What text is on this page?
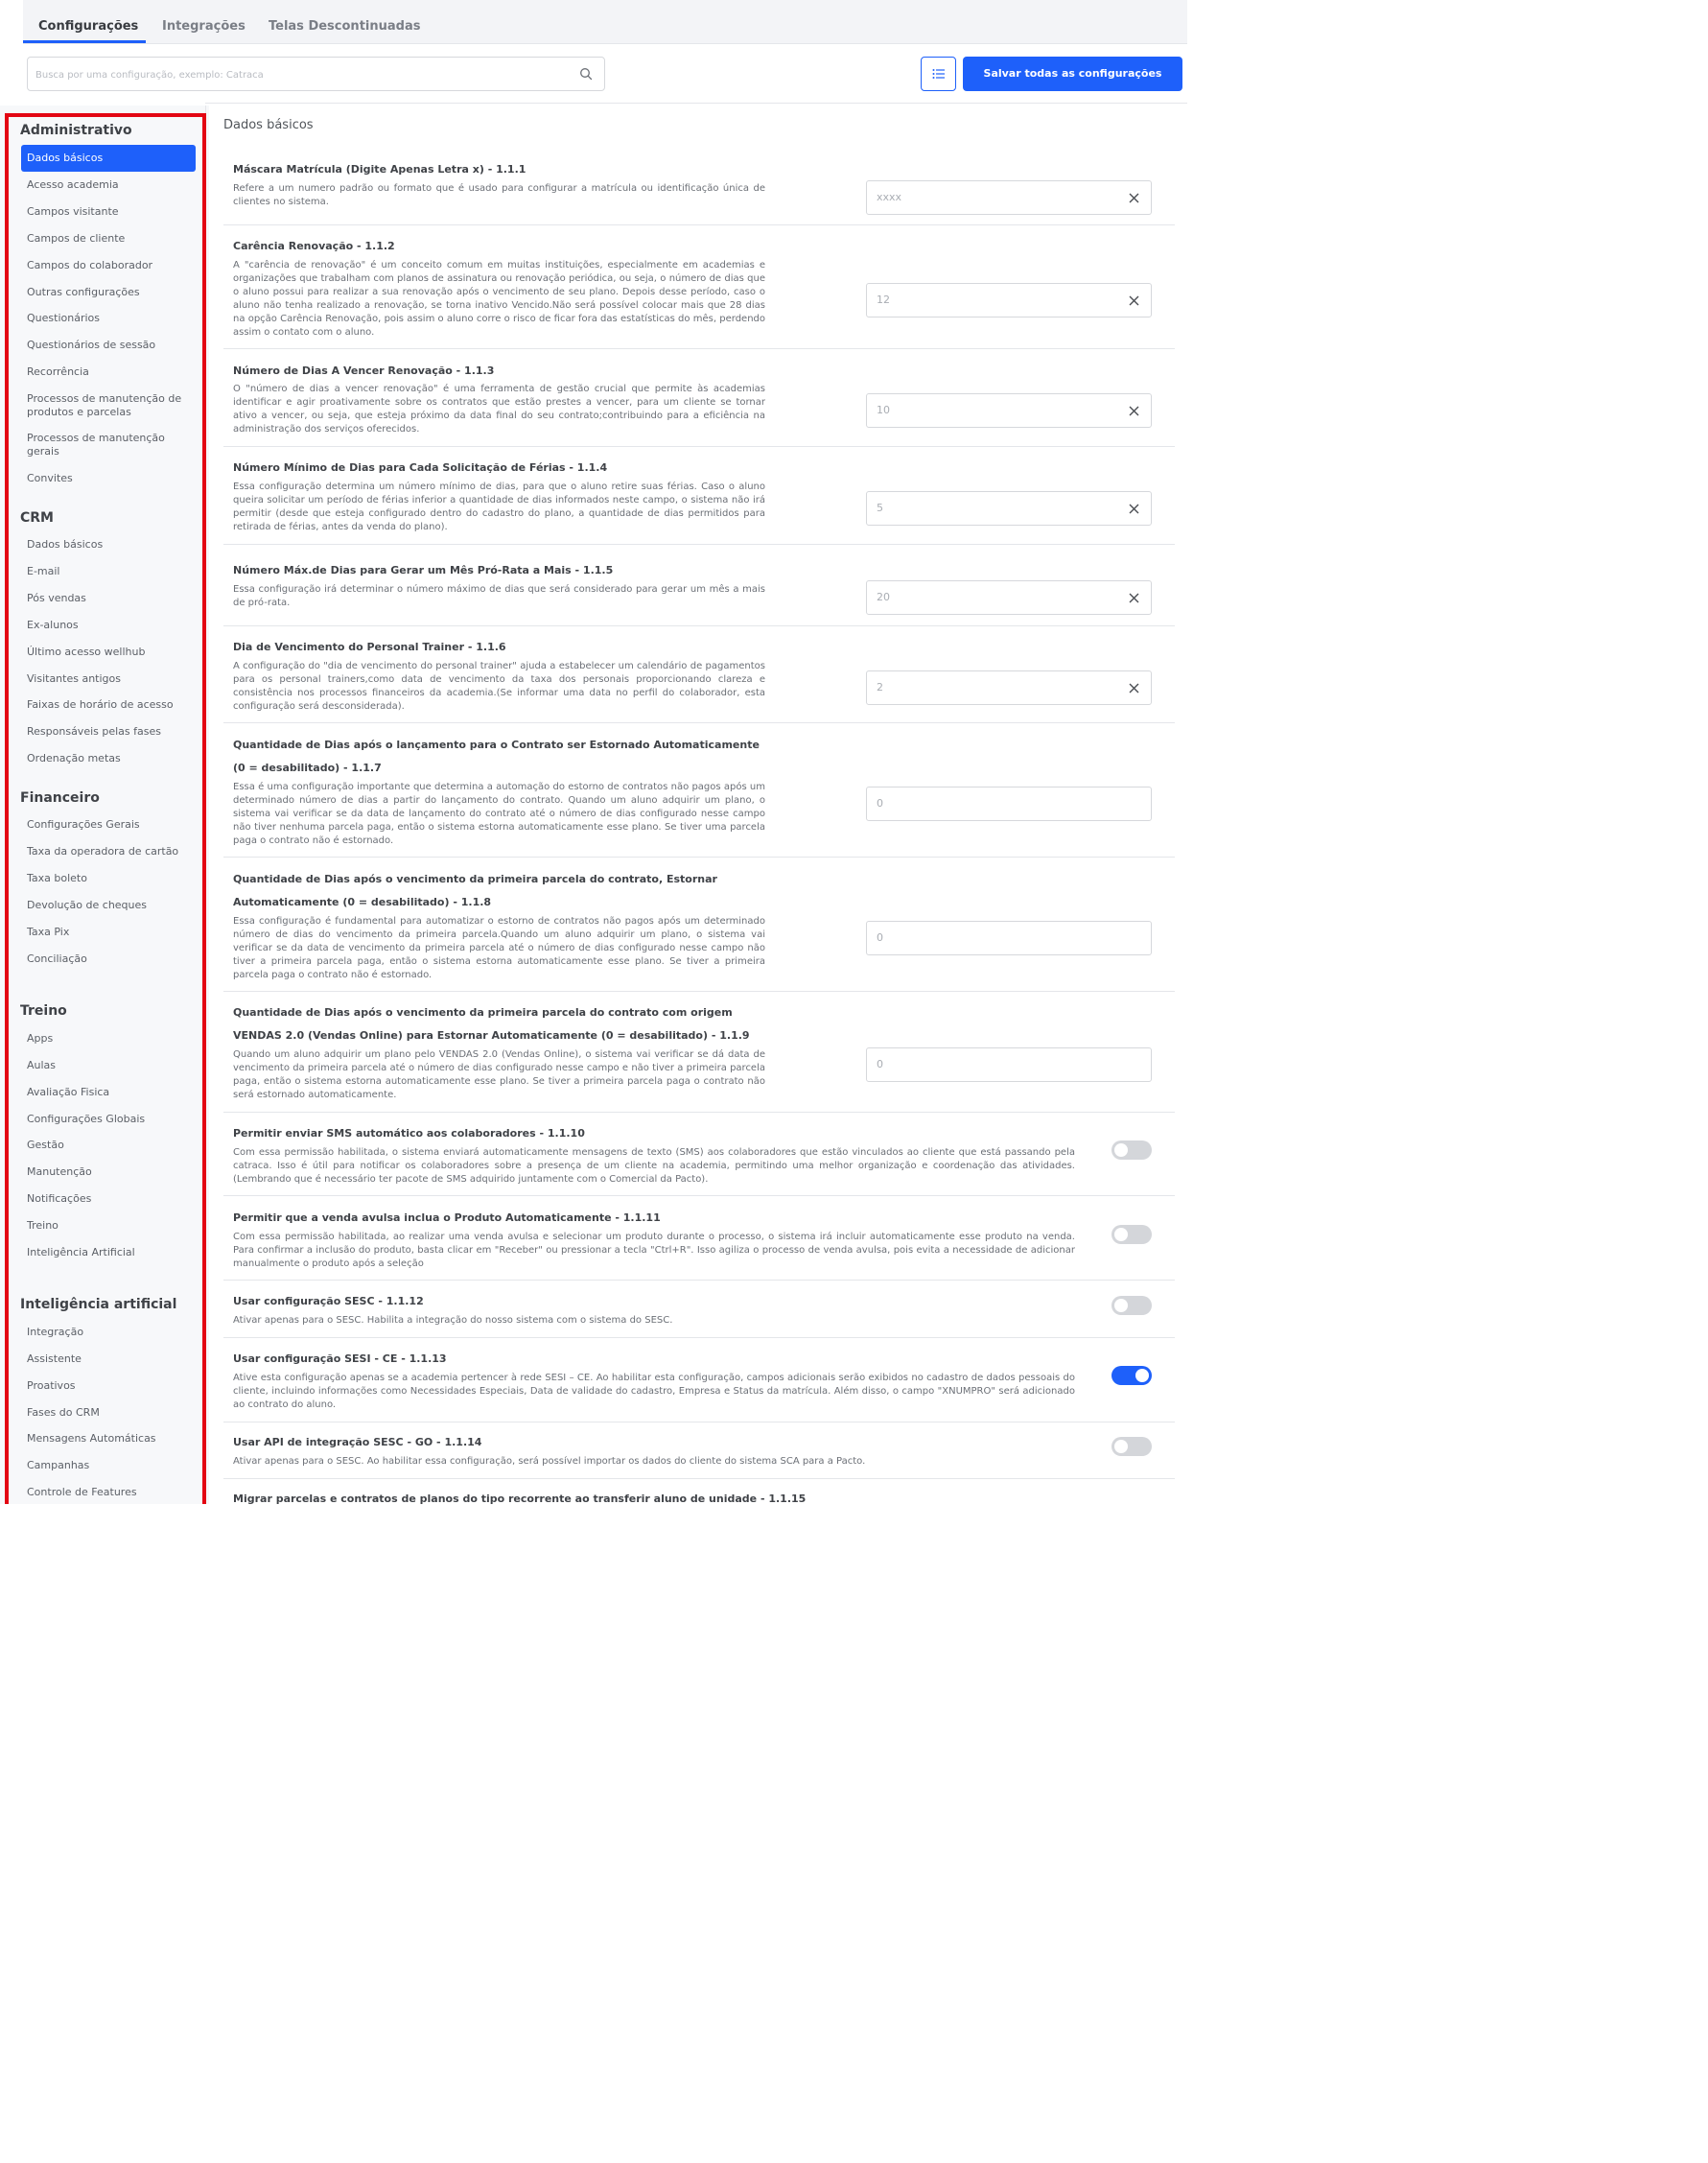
Configurações Integrações Telas Descontinuadas
Busca por uma configuração, exemplo: Catraca
Salvar todas as configurações
Administrativo
Dados básicos
Acesso academia
Campos visitante
Campos de cliente
Campos do colaborador
Outras configurações
Questionários
Questionários de sessão
Recorrência
Processos de manutenção de produtos e parcelas
Processos de manutenção gerais
Convites
CRM
Dados básicos
E-mail
Pós vendas
Ex-alunos
Último acesso wellhub
Visitantes antigos
Faixas de horário de acesso
Responsáveis pelas fases
Ordenação metas
Financeiro
Configurações Gerais
Taxa da operadora de cartão
Taxa boleto
Devolução de cheques
Taxa Pix
Conciliação
Treino
Apps
Aulas
Avaliação Fisica
Configurações Globais
Gestão
Manutenção
Notificações
Treino
Inteligência Artificial
Inteligência artificial
Integração
Assistente
Proativos
Fases do CRM
Mensagens Automáticas
Campanhas
Controle de Features
Dados básicos
Máscara Matrícula (Digite Apenas Letra x) - 1.1.1
Refere a um numero padrão ou formato que é usado para configurar a matrícula ou identificação única de clientes no sistema.	xxxx
Carência Renovação - 1.1.2
A "carência de renovação" é um conceito comum em muitas instituições, especialmente em academias e organizações que trabalham com planos de assinatura ou renovação periódica, ou seja, o número de dias que o aluno possui para realizar a sua renovação após o vencimento de seu plano. Depois desse período, caso o aluno não tenha realizado a renovação, se torna inativo Vencido.Não será possível colocar mais que 28 dias na opção Carência Renovação, pois assim o aluno corre o risco de ficar fora das estatísticas do mês, perdendo assim o contato com o aluno.
12
Número de Dias A Vencer Renovação - 1.1.3
O "número de dias a vencer renovação" é uma ferramenta de gestão crucial que permite às academias identificar e agir proativamente sobre os contratos que estão prestes a vencer, para um cliente se tornar ativo a vencer, ou seja, que esteja próximo da data final do seu contrato;contribuindo para a eficiência na administração dos serviços oferecidos.
10
Número Mínimo de Dias para Cada Solicitação de Férias - 1.1.4
Essa configuração determina um número mínimo de dias, para que o aluno retire suas férias. Caso o aluno queira solicitar um período de férias inferior a quantidade de dias informados neste campo, o sistema não irá permitir (desde que esteja configurado dentro do cadastro do plano, a quantidade de dias permitidos para retirada de férias, antes da venda do plano).
5
Número Máx.de Dias para Gerar um Mês Pró-Rata a Mais - 1.1.5
Essa configuração irá determinar o número máximo de dias que será considerado para gerar um mês a mais de pró-rata.	20
Dia de Vencimento do Personal Trainer - 1.1.6
A configuração do "dia de vencimento do personal trainer" ajuda a estabelecer um calendário de pagamentos para os personal trainers,como data de vencimento da taxa dos personais proporcionando clareza e consistência nos processos financeiros da academia.(Se informar uma data no perfil do colaborador, esta configuração será desconsiderada).
2
Quantidade de Dias após o lançamento para o Contrato ser Estornado Automaticamente (0 = desabilitado) - 1.1.7
Essa é uma configuração importante que determina a automação do estorno de contratos não pagos após um determinado número de dias a partir do lançamento do contrato. Quando um aluno adquirir um plano, o sistema vai verificar se da data de lançamento do contrato até o número de dias configurado nesse campo não tiver nenhuma parcela paga, então o sistema estorna automaticamente esse plano. Se tiver uma parcela paga o contrato não é estornado.
0
Quantidade de Dias após o vencimento da primeira parcela do contrato, Estornar Automaticamente (0 = desabilitado) - 1.1.8
Essa configuração é fundamental para automatizar o estorno de contratos não pagos após um determinado número de dias do vencimento da primeira parcela.Quando um aluno adquirir um plano, o sistema vai verificar se da data de vencimento da primeira parcela até o número de dias configurado nesse campo não tiver a primeira parcela paga, então o sistema estorna automaticamente esse plano. Se tiver a primeira parcela paga o contrato não é estornado.
0
Quantidade de Dias após o vencimento da primeira parcela do contrato com origem VENDAS 2.0 (Vendas Online) para Estornar Automaticamente (0 = desabilitado) - 1.1.9
Quando um aluno adquirir um plano pelo VENDAS 2.0 (Vendas Online), o sistema vai verificar se dá data de vencimento da primeira parcela até o número de dias configurado nesse campo e não tiver a primeira parcela paga, então o sistema estorna automaticamente esse plano. Se tiver a primeira parcela paga o contrato não será estornado automaticamente.
0
Permitir enviar SMS automático aos colaboradores - 1.1.10
Com essa permissão habilitada, o sistema enviará automaticamente mensagens de texto (SMS) aos colaboradores que estão vinculados ao cliente que está passando pela catraca. Isso é útil para notificar os colaboradores sobre a presença de um cliente na academia, permitindo uma melhor organização e coordenação das atividades.(Lembrando que é necessário ter pacote de SMS adquirido juntamente com o Comercial da Pacto).
Permitir que a venda avulsa inclua o Produto Automaticamente - 1.1.11
Com essa permissão habilitada, ao realizar uma venda avulsa e selecionar um produto durante o processo, o sistema irá incluir automaticamente esse produto na venda. Para confirmar a inclusão do produto, basta clicar em "Receber" ou pressionar a tecla "Ctrl+R". Isso agiliza o processo de venda avulsa, pois evita a necessidade de adicionar manualmente o produto após a seleção
Usar configuração SESC - 1.1.12
Ativar apenas para o SESC. Habilita a integração do nosso sistema com o sistema do SESC.
Usar configuração SESI - CE - 1.1.13
Ative esta configuração apenas se a academia pertencer à rede SESI – CE. Ao habilitar esta configuração, campos adicionais serão exibidos no cadastro de dados pessoais do cliente, incluindo informações como Necessidades Especiais, Data de validade do cadastro, Empresa e Status da matrícula. Além disso, o campo "XNUMPRO" será adicionado ao contrato do aluno.
Usar API de integração SESC - GO - 1.1.14
Ativar apenas para o SESC. Ao habilitar essa configuração, será possível importar os dados do cliente do sistema SCA para a Pacto.
Migrar parcelas e contratos de planos do tipo recorrente ao transferir aluno de unidade - 1.1.15
